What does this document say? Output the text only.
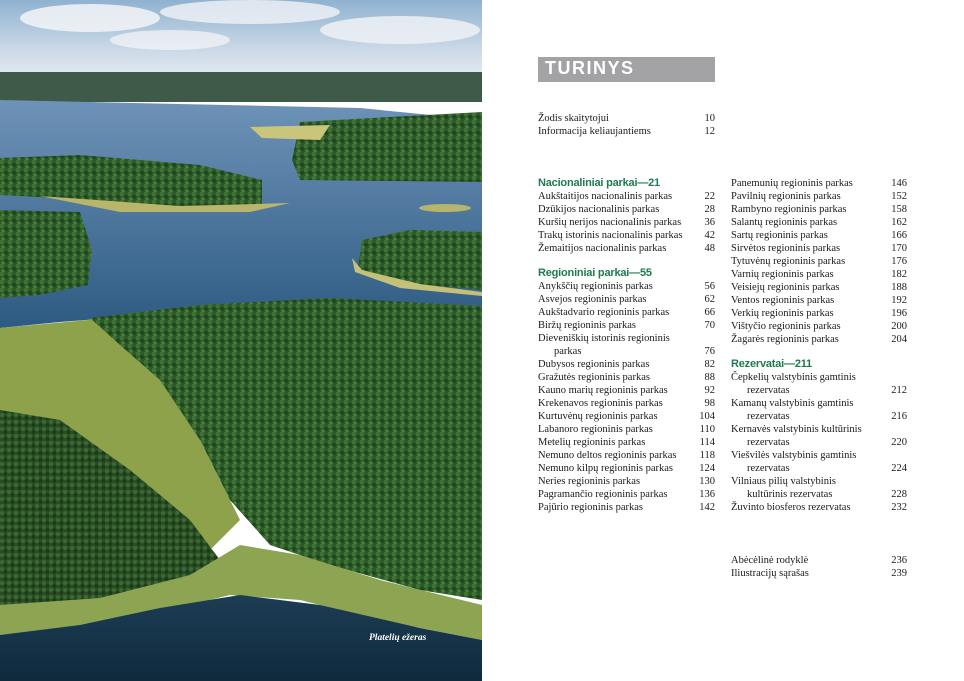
Platelių ežeras
TURINYS
Žodis skaitytojui	10
Informacija keliaujantiems	12
Nacionaliniai parkai—21
Aukštaitijos nacionalinis parkas	22
Dzūkijos nacionalinis parkas	28
Kuršių nerijos nacionalinis parkas 36
Trakų istorinis nacionalinis parkas 42
Žemaitijos nacionalinis parkas	48
Regioniniai parkai—55
Anykščių regioninis parkas	56
Asvejos regioninis parkas	62
Aukštadvario regioninis parkas	66
Biržų regioninis parkas	70
Dieveniškių istorinis regioninis
parkas	76
Dubysos regioninis parkas	82
Gražutės regioninis parkas	88
Kauno marių regioninis parkas	92
Krekenavos regioninis parkas	98
Kurtuvėnų regioninis parkas	104
Labanoro regioninis parkas	110
Metelių regioninis parkas	114
Nemuno deltos regioninis parkas 118
Nemuno kilpų regioninis parkas 124
Neries regioninis parkas	130
Pagramančio regioninis parkas	136
Pajūrio regioninis parkas	142
Panemunių regioninis parkas	146
Pavilnių regioninis parkas	152
Rambyno regioninis parkas	158
Salantų regioninis parkas	162
Sartų regioninis parkas	166
Sirvėtos regioninis parkas	170
Tytuvėnų regioninis parkas	176
Varnių regioninis parkas	182
Veisiejų regioninis parkas	188
Ventos regioninis parkas	192
Verkių regioninis parkas	196
Vištyčio regioninis parkas	200
Žagarės regioninis parkas	204
Rezervatai—211
Čepkelių valstybinis gamtinis
rezervatas	212
Kamanų valstybinis gamtinis
rezervatas	216
Kernavės valstybinis kultūrinis
rezervatas	220
Viešvilės valstybinis gamtinis
rezervatas	224
Vilniaus pilių valstybinis
kultūrinis rezervatas	228
Žuvinto biosferos rezervatas	232
Abėcėlinė rodyklė	236
Iliustracijų sąrašas	239
